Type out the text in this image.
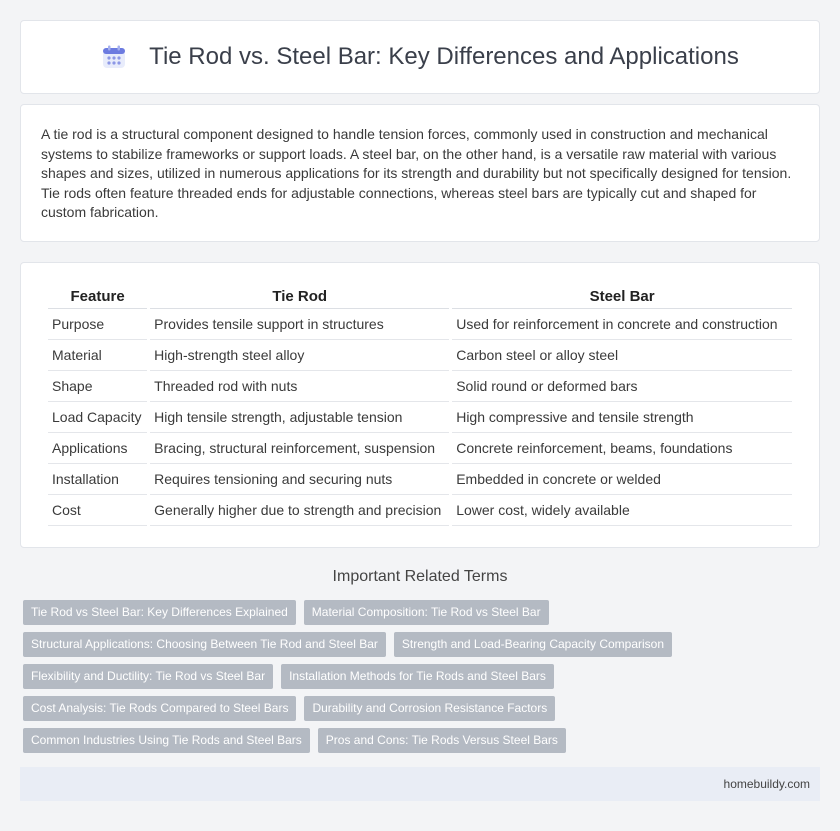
Tie Rod vs. Steel Bar: Key Differences and Applications

A tie rod is a structural component designed to handle tension forces, commonly used in construction and mechanical systems to stabilize frameworks or support loads. A steel bar, on the other hand, is a versatile raw material with various shapes and sizes, utilized in numerous applications for its strength and durability but not specifically designed for tension. Tie rods often feature threaded ends for adjustable connections, whereas steel bars are typically cut and shaped for custom fabrication.

Feature	Tie Rod	Steel Bar
Purpose	Provides tensile support in structures	Used for reinforcement in concrete and construction
Material	High-strength steel alloy	Carbon steel or alloy steel
Shape	Threaded rod with nuts	Solid round or deformed bars
Load Capacity	High tensile strength, adjustable tension	High compressive and tensile strength
Applications	Bracing, structural reinforcement, suspension	Concrete reinforcement, beams, foundations
Installation	Requires tensioning and securing nuts	Embedded in concrete or welded
Cost	Generally higher due to strength and precision	Lower cost, widely available
Important Related Terms
Tie Rod vs Steel Bar: Key Differences Explained	Material Composition: Tie Rod vs Steel Bar
Structural Applications: Choosing Between Tie Rod and Steel Bar	Strength and Load-Bearing Capacity Comparison
Flexibility and Ductility: Tie Rod vs Steel Bar	Installation Methods for Tie Rods and Steel Bars
Cost Analysis: Tie Rods Compared to Steel Bars	Durability and Corrosion Resistance Factors
Common Industries Using Tie Rods and Steel Bars	Pros and Cons: Tie Rods Versus Steel Bars
homebuildy.com
